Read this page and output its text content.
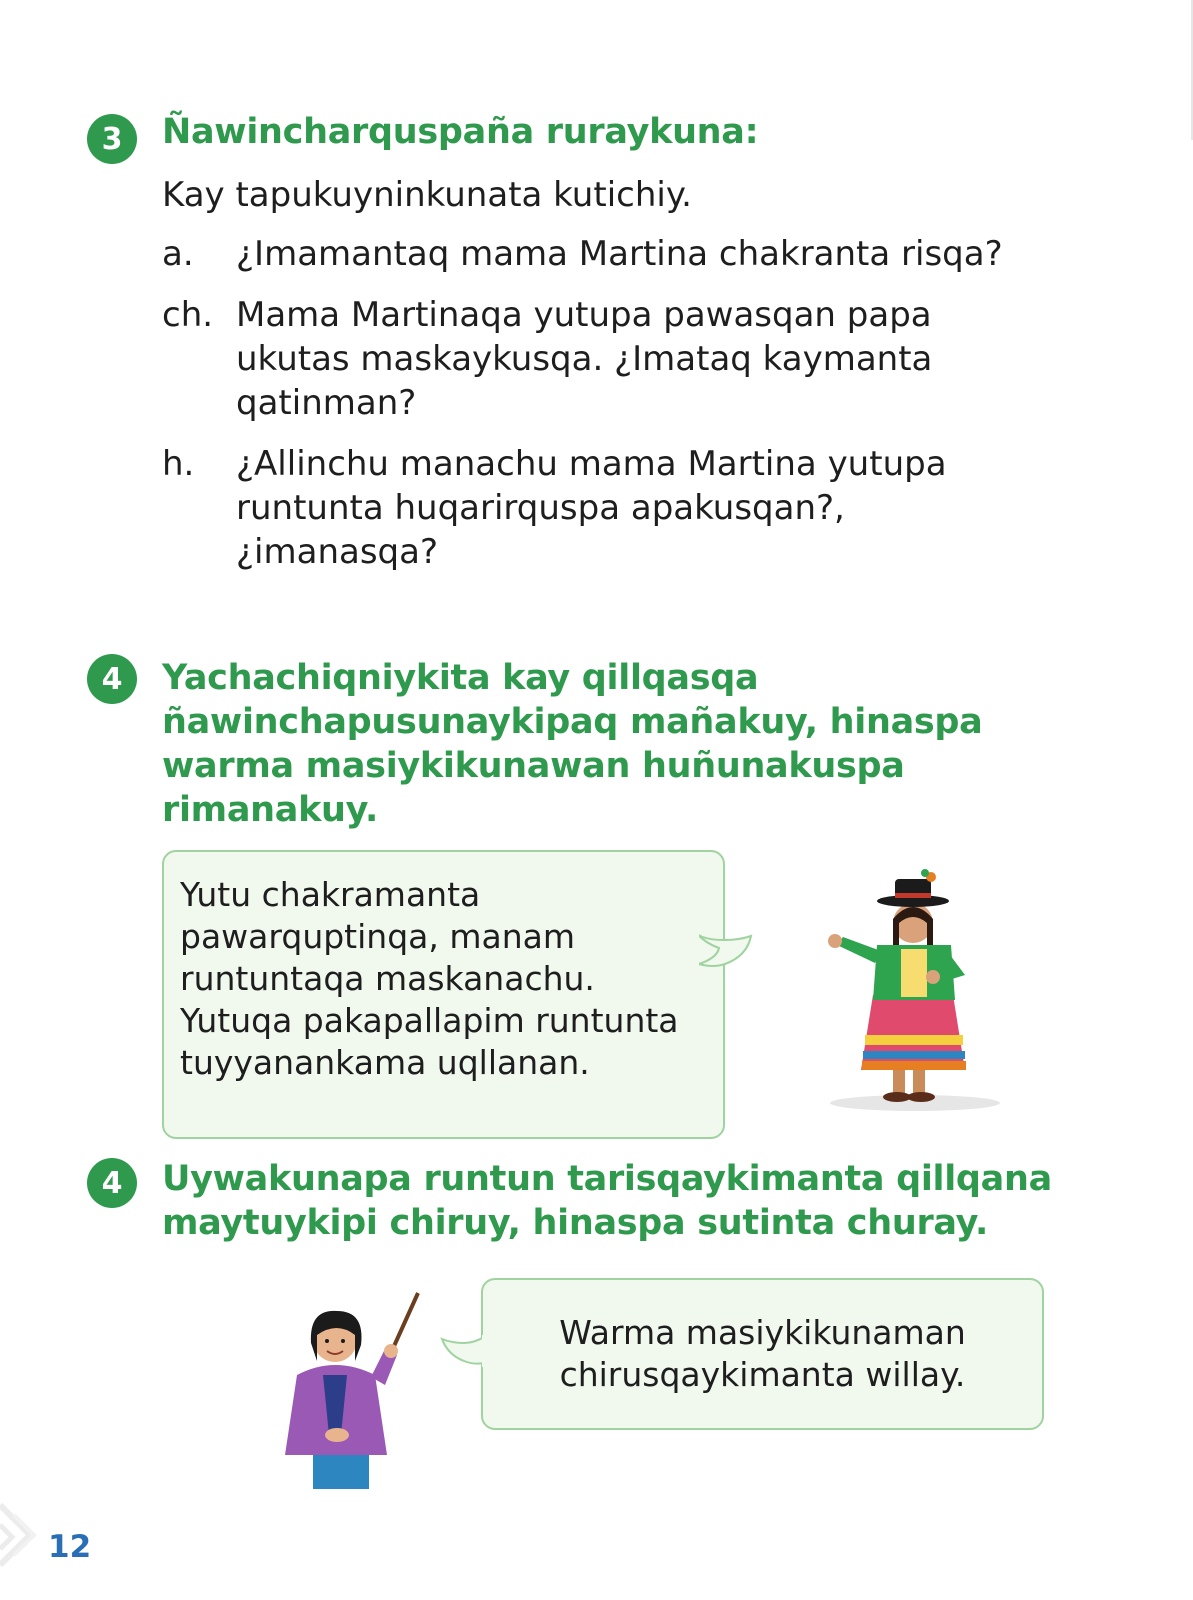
3	Ñawincharquspaña ruraykuna:

Kay tapukuyninkunata kutichiy.

a.	¿Imamantaq mama Martina chakranta risqa?
ch. Mama Martinaqa yutupa pawasqan papa ukutas maskaykusqa. ¿Imataq kaymanta qatinman?
h.	¿Allinchu manachu mama Martina yutupa runtunta huqarirquspa apakusqan?, ¿imanasqa?
4	Yachachiqniykita kay qillqasqa ñawinchapusunaykipaq mañakuy, hinaspa warma masiykikunawan huñunakuspa rimanakuy.

Yutu chakramanta pawarquptinqa, manam runtuntaqa maskanachu. Yutuqa pakapallapim runtunta tuyyanankama uqllanan.

4	Uywakunapa runtun tarisqaykimanta qillqana maytuykipi chiruy, hinaspa sutinta churay.

Warma masiykikunaman chirusqaykimanta willay.

12
